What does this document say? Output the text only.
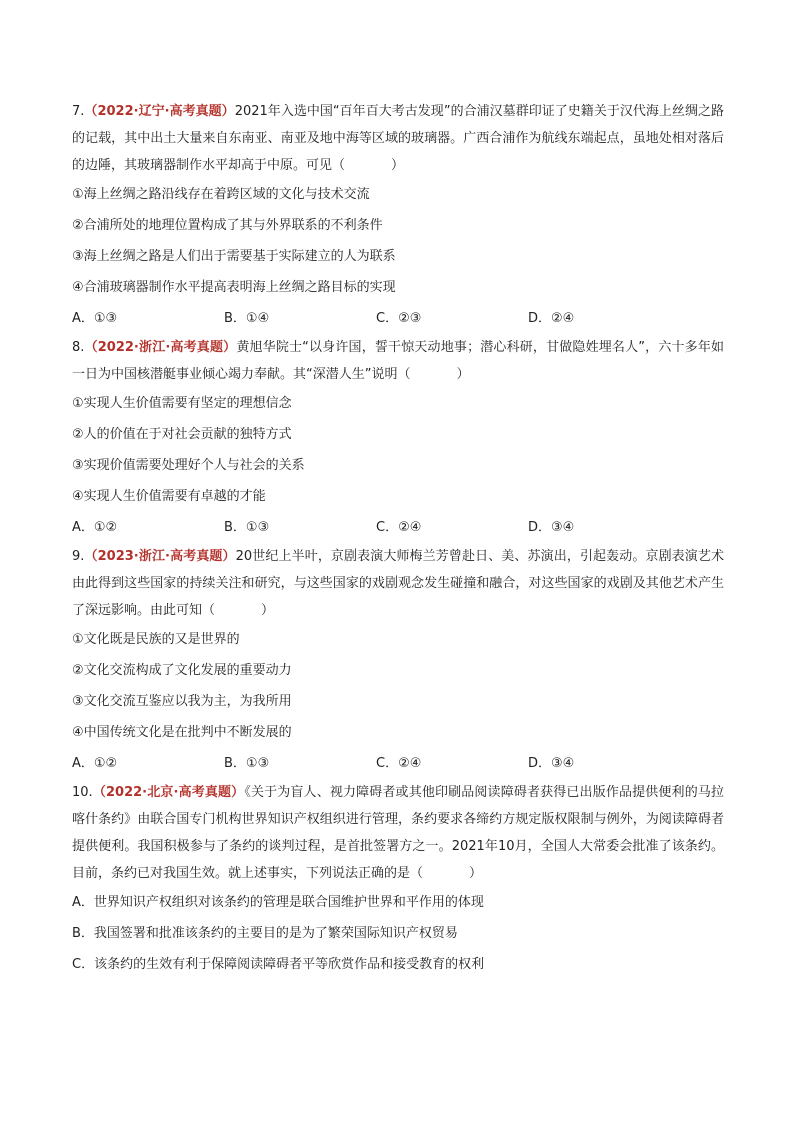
7.（2022·辽宁·高考真题）2021年入选中国“百年百大考古发现”的合浦汉墓群印证了史籍关于汉代海上丝绸之路的记载，其中出土大量来自东南亚、南亚及地中海等区域的玻璃器。广西合浦作为航线东端起点，虽地处相对落后的边陲，其玻璃器制作水平却高于中原。可见（	）

①海上丝绸之路沿线存在着跨区域的文化与技术交流

②合浦所处的地理位置构成了其与外界联系的不利条件

③海上丝绸之路是人们出于需要基于实际建立的人为联系

④合浦玻璃器制作水平提高表明海上丝绸之路目标的实现

A．①③	B．①④	C．②③	D．②④

8.（2022·浙江·高考真题）黄旭华院士“以身许国，誓干惊天动地事；潜心科研，甘做隐姓埋名人”，六十多年如一日为中国核潜艇事业倾心竭力奉献。其“深潜人生”说明（	）

①实现人生价值需要有坚定的理想信念

②人的价值在于对社会贡献的独特方式

③实现价值需要处理好个人与社会的关系

④实现人生价值需要有卓越的才能

A．①②	B．①③	C．②④	D．③④

9.（2023·浙江·高考真题）20世纪上半叶，京剧表演大师梅兰芳曾赴日、美、苏演出，引起轰动。京剧表演艺术由此得到这些国家的持续关注和研究，与这些国家的戏剧观念发生碰撞和融合，对这些国家的戏剧及其他艺术产生了深远影响。由此可知（	）

①文化既是民族的又是世界的

②文化交流构成了文化发展的重要动力

③文化交流互鉴应以我为主，为我所用

④中国传统文化是在批判中不断发展的

A．①②	B．①③	C．②④	D．③④

10.（2022·北京·高考真题）《关于为盲人、视力障碍者或其他印刷品阅读障碍者获得已出版作品提供便利的马拉喀什条约》由联合国专门机构世界知识产权组织进行管理，条约要求各缔约方规定版权限制与例外，为阅读障碍者提供便利。我国积极参与了条约的谈判过程，是首批签署方之一。2021年10月，全国人大常委会批准了该条约。目前，条约已对我国生效。就上述事实，下列说法正确的是（	）

A．世界知识产权组织对该条约的管理是联合国维护世界和平作用的体现

B．我国签署和批准该条约的主要目的是为了繁荣国际知识产权贸易

C．该条约的生效有利于保障阅读障碍者平等欣赏作品和接受教育的权利
